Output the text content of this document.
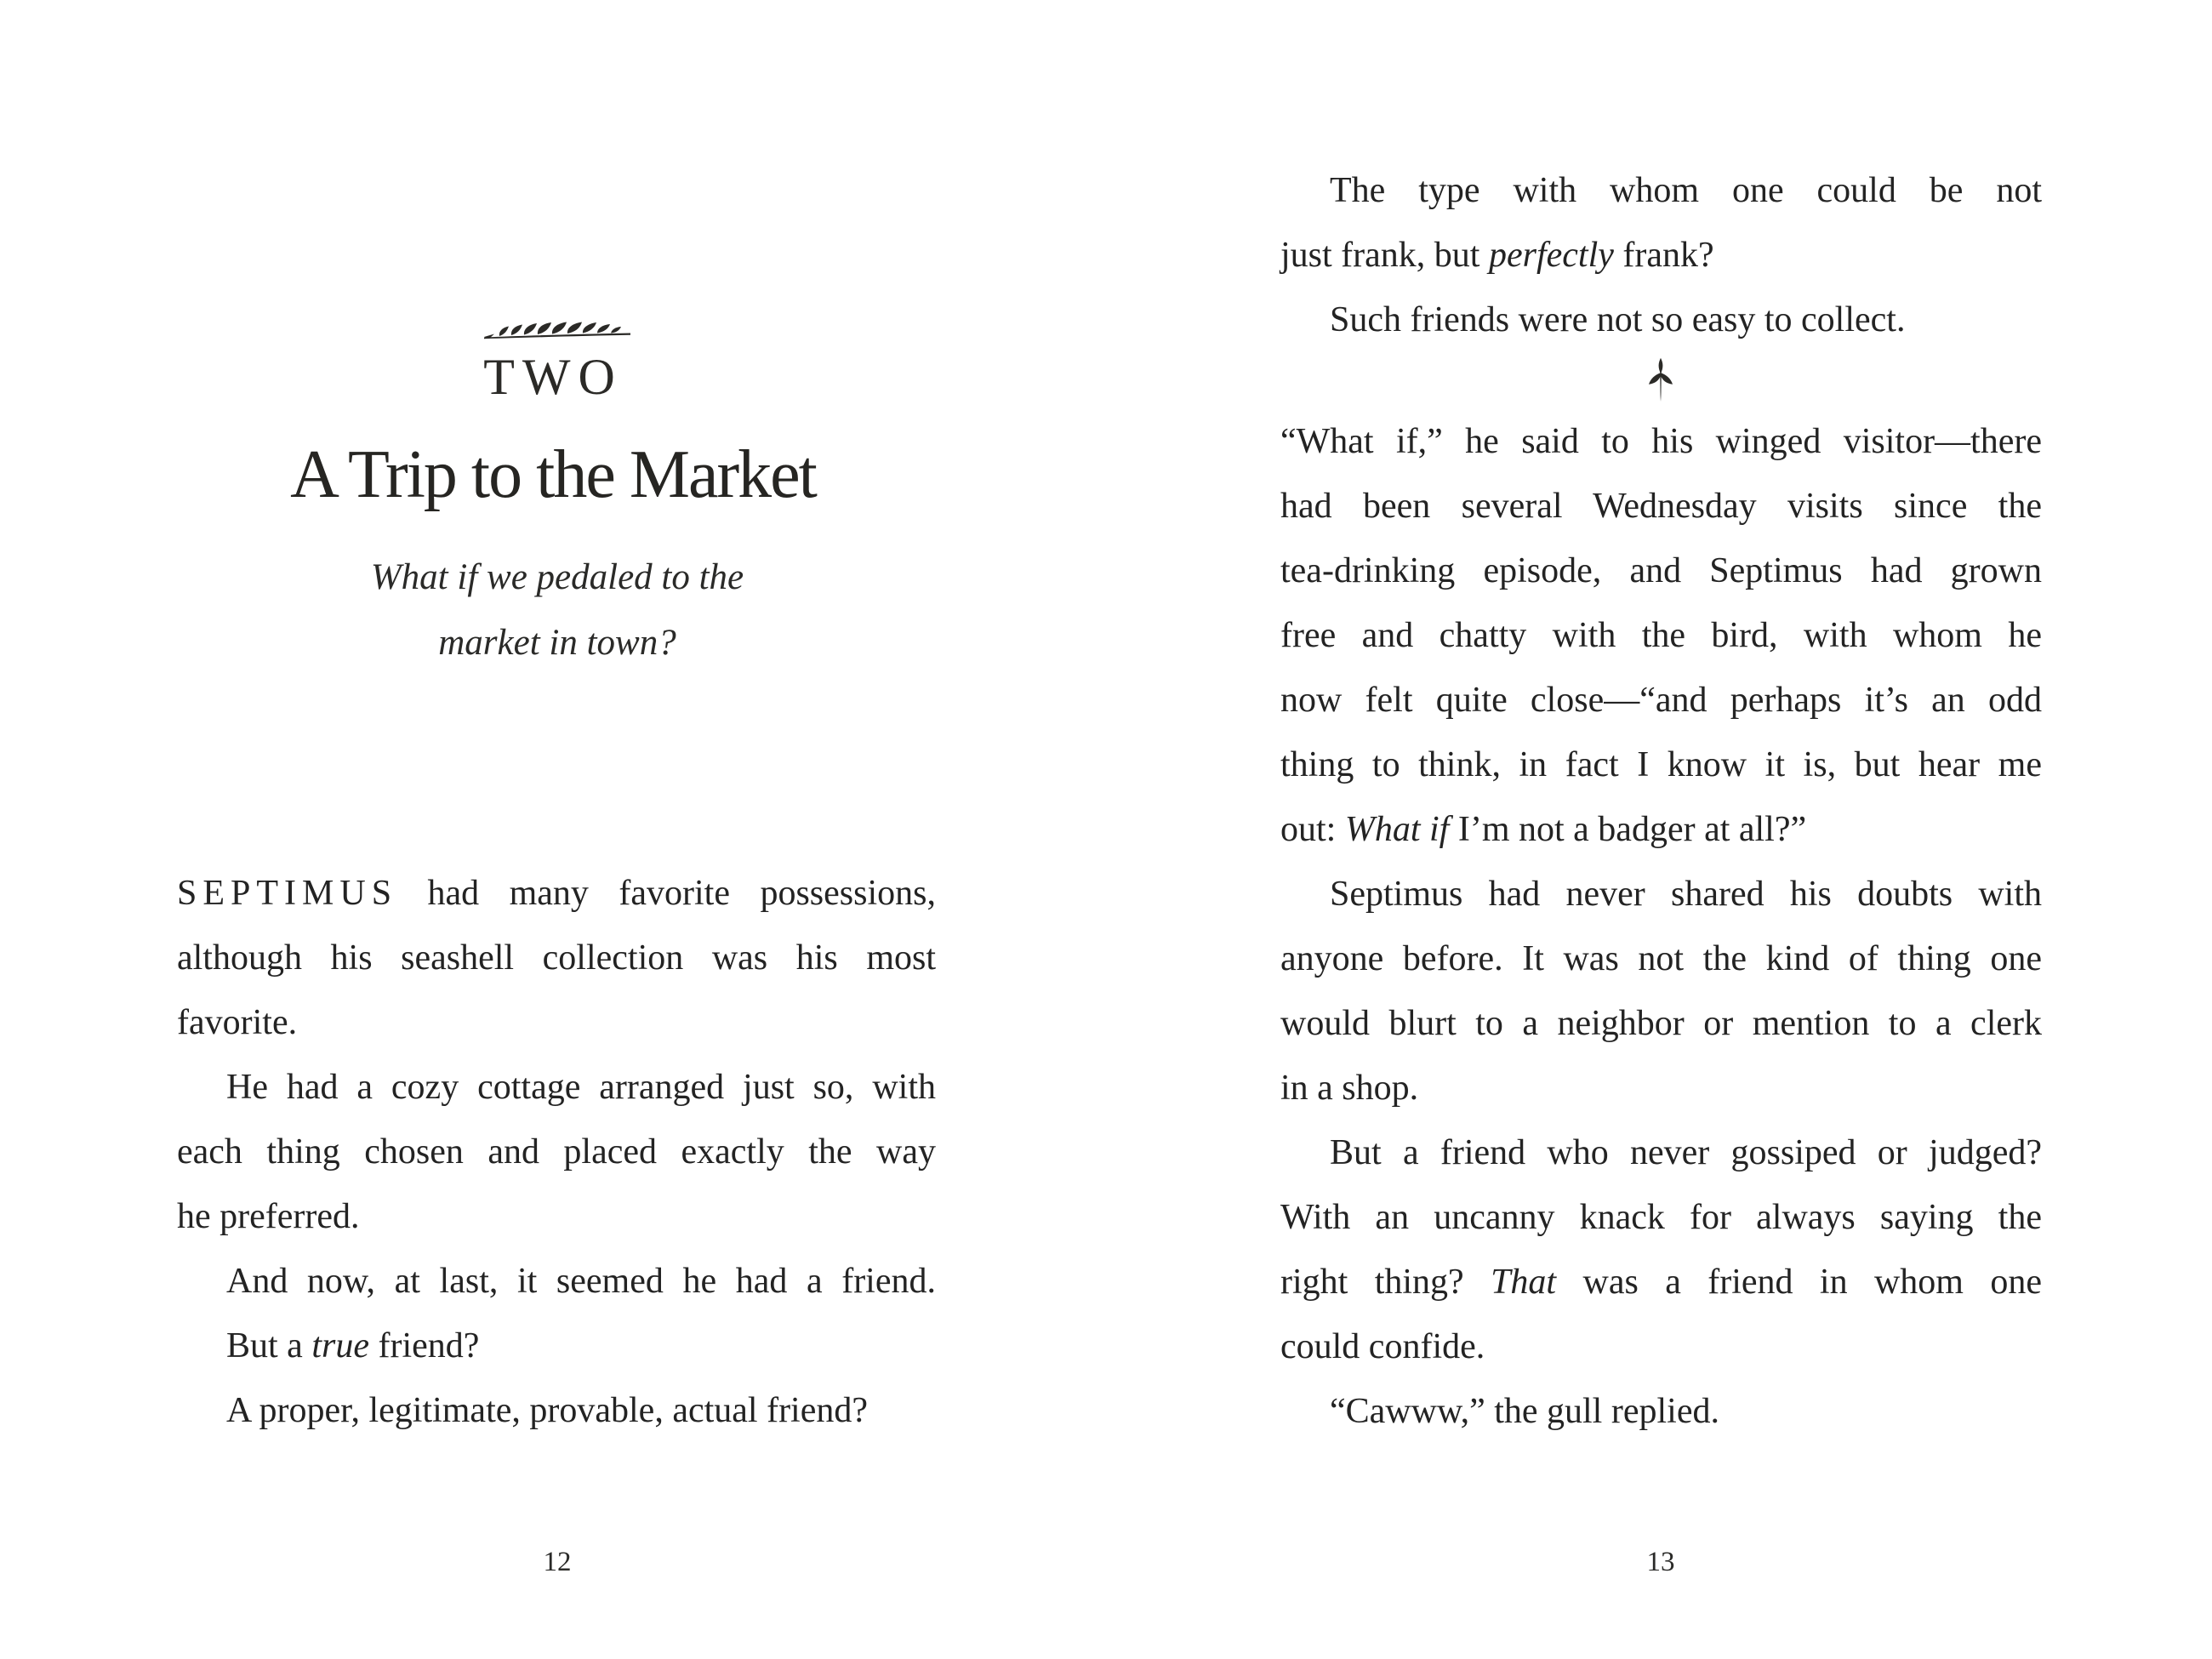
TWO
A Trip to the Market
What if we pedaled to the
market in town?
SEPTIMUS had many favorite possessions,
although his seashell collection was his most
favorite.
He had a cozy cottage arranged just so, with
each thing chosen and placed exactly the way
he preferred.
And now, at last, it seemed he had a friend.
But a true friend?
A proper, legitimate, provable, actual friend?
12
The type with whom one could be not
just frank, but perfectly frank?
Such friends were not so easy to collect.
“What if,” he said to his winged visitor—there
had been several Wednesday visits since the
tea-drinking episode, and Septimus had grown
free and chatty with the bird, with whom he
now felt quite close—“and perhaps it’s an odd
thing to think, in fact I know it is, but hear me
out: What if I’m not a badger at all?”
Septimus had never shared his doubts with
anyone before. It was not the kind of thing one
would blurt to a neighbor or mention to a clerk
in a shop.
But a friend who never gossiped or judged?
With an uncanny knack for always saying the
right thing? That was a friend in whom one
could confide.
“Cawww,” the gull replied.
13
